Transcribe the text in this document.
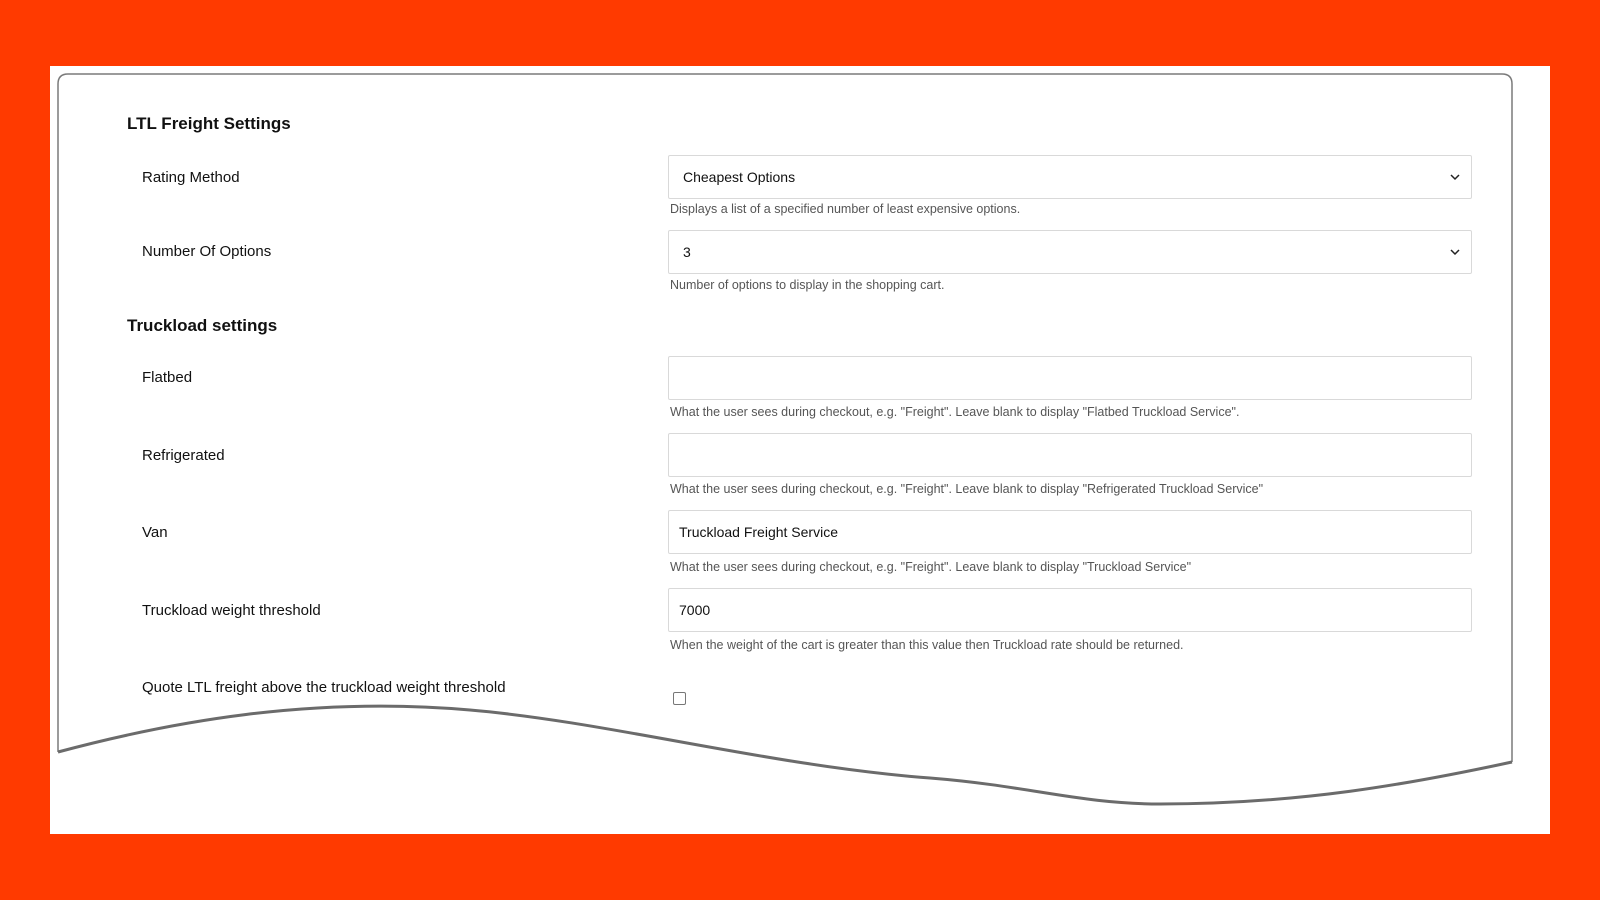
LTL Freight Settings
Rating Method	Cheapest Options
Displays a list of a specified number of least expensive options.
Number Of Options	3
Number of options to display in the shopping cart.
Truckload settings
Flatbed
What the user sees during checkout, e.g. "Freight". Leave blank to display "Flatbed Truckload Service".
Refrigerated
What the user sees during checkout, e.g. "Freight". Leave blank to display "Refrigerated Truckload Service"
Van	Truckload Freight Service
What the user sees during checkout, e.g. "Freight". Leave blank to display "Truckload Service"
Truckload weight threshold	7000
When the weight of the cart is greater than this value then Truckload rate should be returned.
Quote LTL freight above the truckload weight threshold
